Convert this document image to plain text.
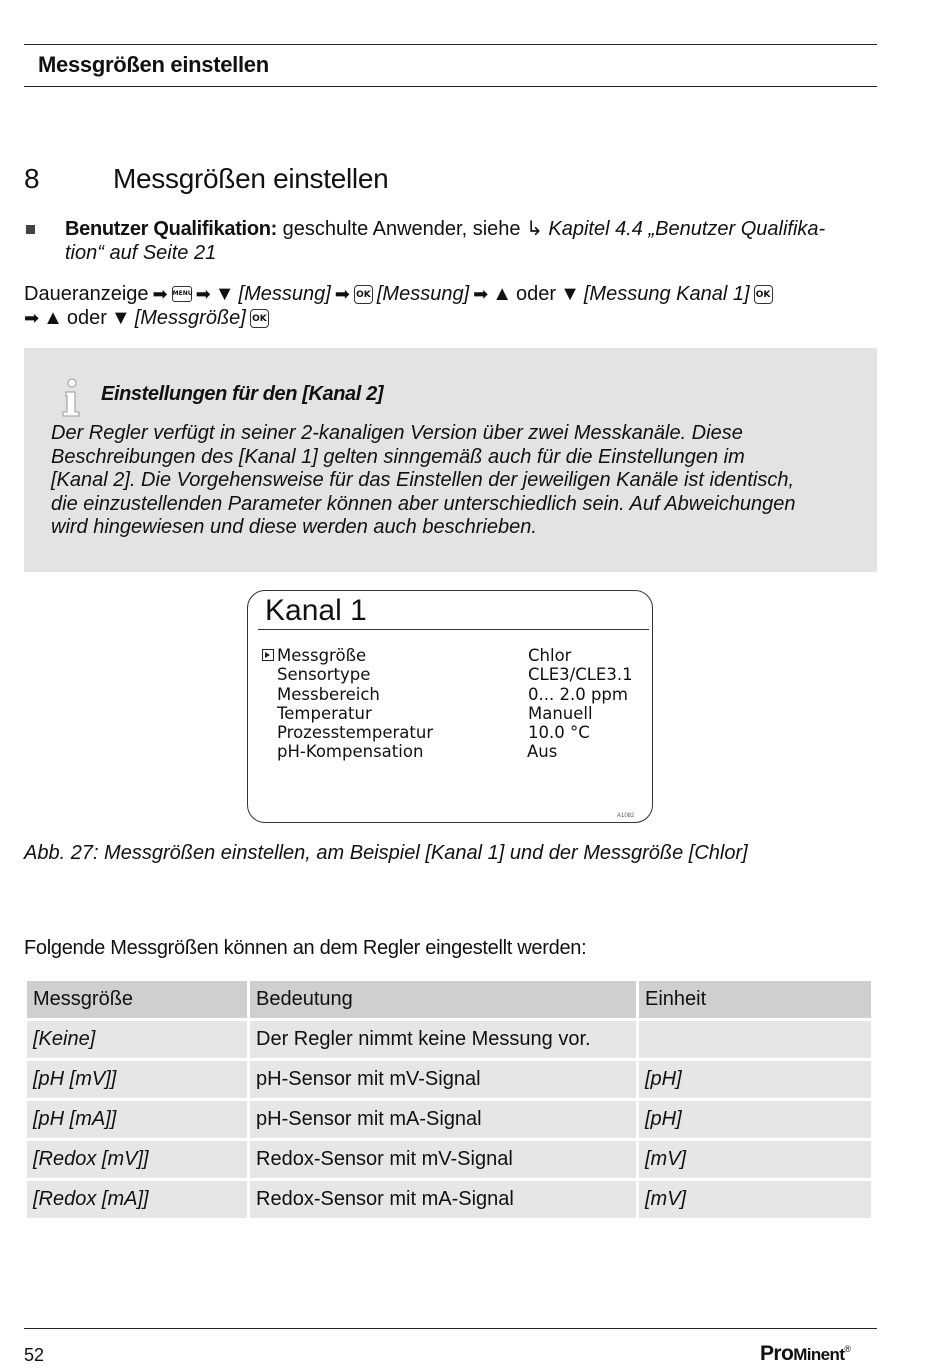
Messgrößen einstellen
8	Messgrößen einstellen
Benutzer Qualifikation: geschulte Anwender, siehe ↳ Kapitel 4.4 „Benutzer Qualifika-
tion“ auf Seite 21
Daueranzeige ➡ MENU ➡ ▼ [Messung] ➡ OK [Messung] ➡ ▲ oder ▼ [Messung Kanal 1] OK
➡ ▲ oder ▼ [Messgröße] OK
Einstellungen für den [Kanal 2]
Der Regler verfügt in seiner 2-kanaligen Version über zwei Messkanäle. Diese
Beschreibungen des [Kanal 1] gelten sinngemäß auch für die Einstellungen im
[Kanal 2]. Die Vorgehensweise für das Einstellen der jeweiligen Kanäle ist identisch,
die einzustellenden Parameter können aber unterschiedlich sein. Auf Abweichungen
wird hingewiesen und diese werden auch beschrieben.
Kanal 1
Messgröße	Chlor
Sensortype	CLE3/CLE3.1
Messbereich	0... 2.0 ppm
Temperatur	Manuell
Prozesstemperatur	10.0 °C
pH-Kompensation	Aus
A1082
Abb. 27: Messgrößen einstellen, am Beispiel [Kanal 1] und der Messgröße [Chlor]
Folgende Messgrößen können an dem Regler eingestellt werden:
Messgröße	Bedeutung	Einheit
[Keine]	Der Regler nimmt keine Messung vor.	
[pH [mV]]	pH-Sensor mit mV-Signal	[pH]
[pH [mA]]	pH-Sensor mit mA-Signal	[pH]
[Redox [mV]]	Redox-Sensor mit mV-Signal	[mV]
[Redox [mA]]	Redox-Sensor mit mA-Signal	[mV]
52	ProMinent®
